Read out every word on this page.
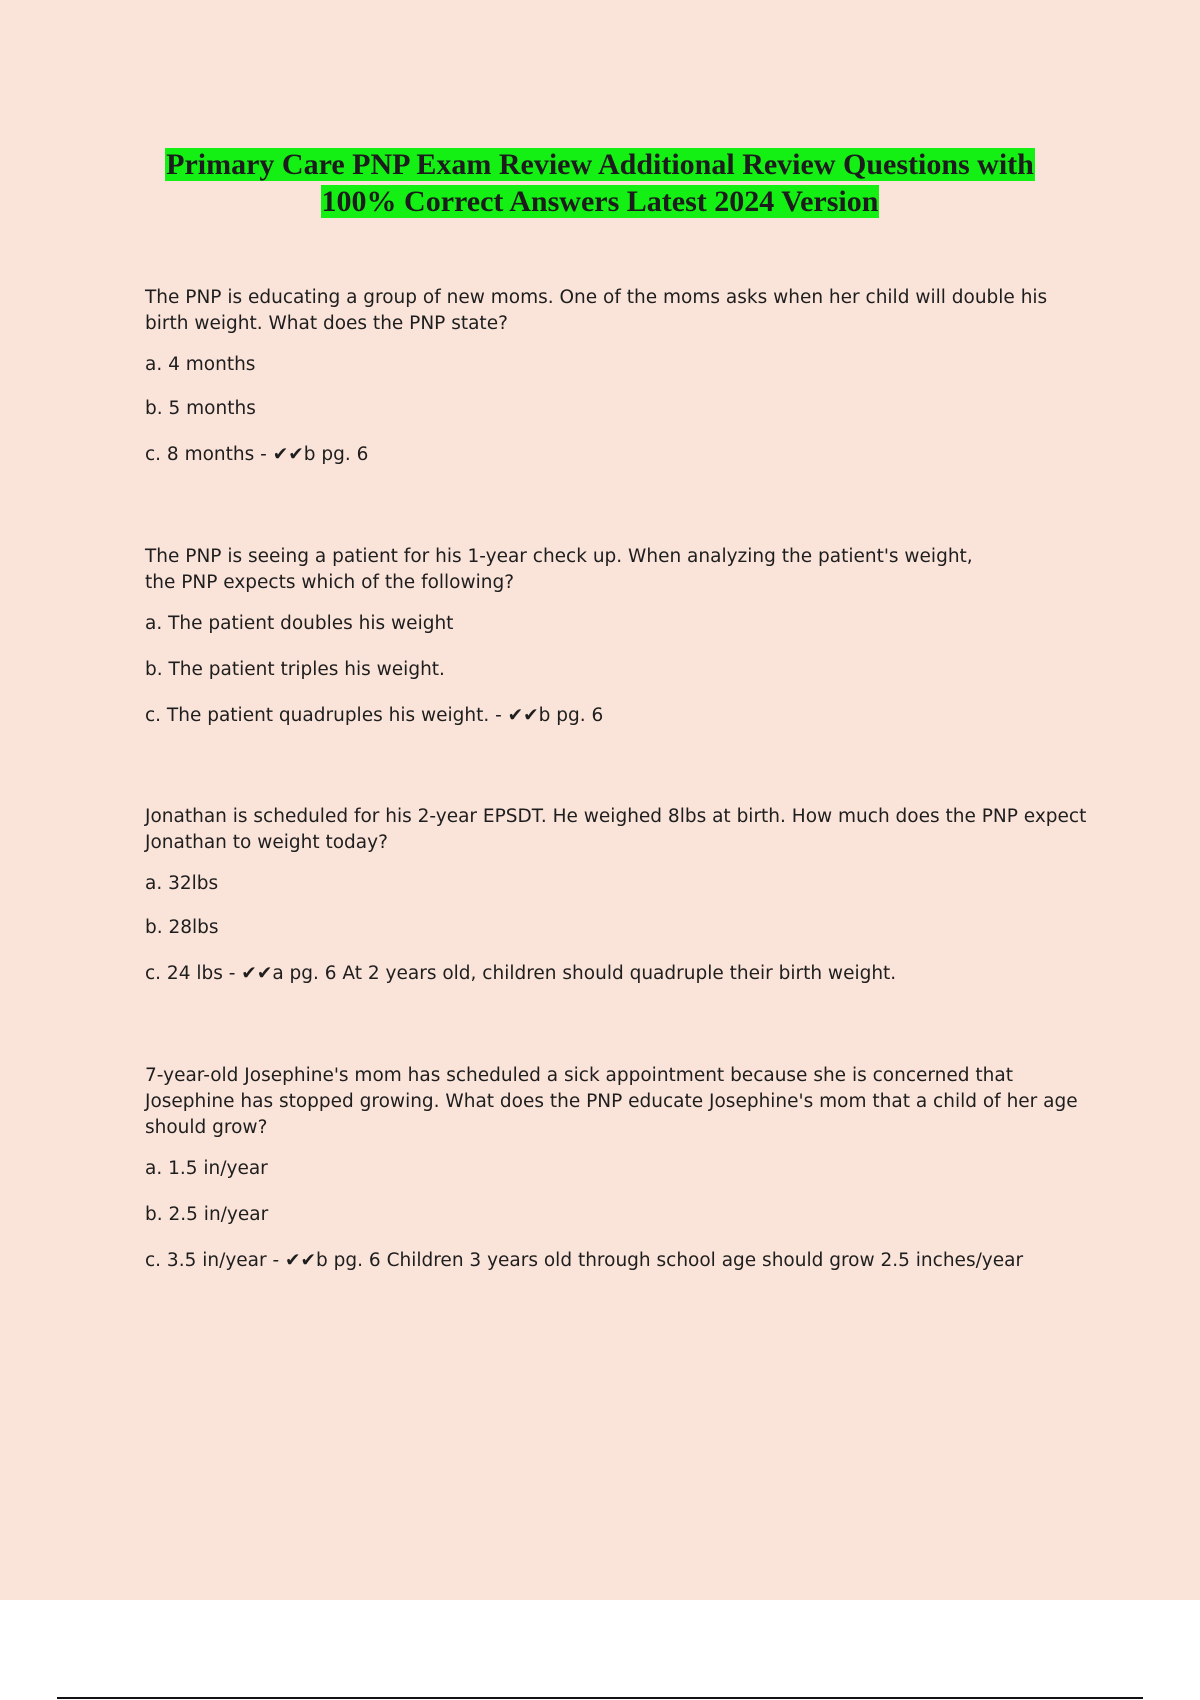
Primary Care PNP Exam Review Additional Review Questions with
100% Correct Answers Latest 2024 Version

The PNP is educating a group of new moms. One of the moms asks when her child will double his birth weight. What does the PNP state?

a. 4 months

b. 5 months

c. 8 months - ✔✔b pg. 6

The PNP is seeing a patient for his 1-year check up. When analyzing the patient's weight, the PNP expects which of the following?

a. The patient doubles his weight

b. The patient triples his weight.

c. The patient quadruples his weight. - ✔✔b pg. 6

Jonathan is scheduled for his 2-year EPSDT. He weighed 8lbs at birth. How much does the PNP expect Jonathan to weight today?

a. 32lbs

b. 28lbs

c. 24 lbs - ✔✔a pg. 6 At 2 years old, children should quadruple their birth weight.

7-year-old Josephine's mom has scheduled a sick appointment because she is concerned that Josephine has stopped growing. What does the PNP educate Josephine's mom that a child of her age should grow?

a. 1.5 in/year

b. 2.5 in/year

c. 3.5 in/year - ✔✔b pg. 6 Children 3 years old through school age should grow 2.5 inches/year
